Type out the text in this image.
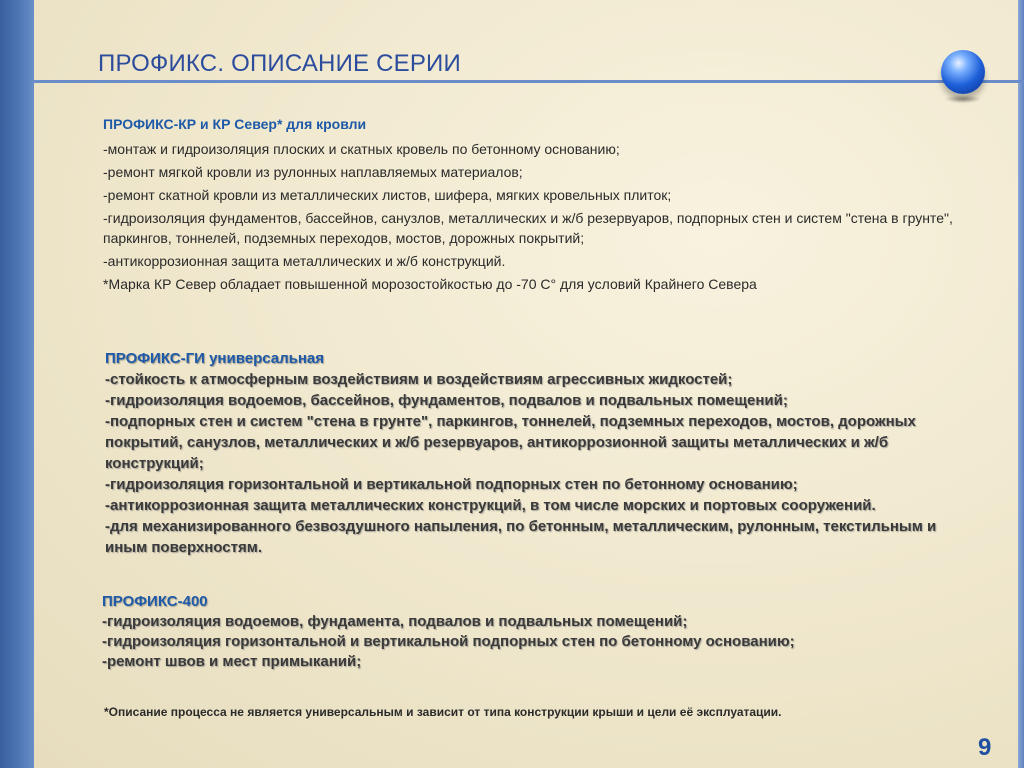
ПРОФИКС. ОПИСАНИЕ СЕРИИ
ПРОФИКС-КР и КР Север* для кровли
-монтаж и гидроизоляция плоских и скатных кровель по бетонному основанию;
-ремонт мягкой кровли из рулонных наплавляемых материалов;
-ремонт скатной кровли из металлических листов, шифера, мягких кровельных плиток;
-гидроизоляция фундаментов, бассейнов, санузлов, металлических и ж/б резервуаров, подпорных стен и систем "стена в грунте", паркингов, тоннелей, подземных переходов, мостов, дорожных покрытий;
-антикоррозионная защита металлических и ж/б конструкций.
*Марка КР Север обладает повышенной морозостойкостью до -70 С° для условий Крайнего Севера
ПРОФИКС-ГИ универсальная
-стойкость к атмосферным воздействиям и воздействиям агрессивных жидкостей;
-гидроизоляция водоемов, бассейнов, фундаментов, подвалов и подвальных помещений;
-подпорных стен и систем "стена в грунте", паркингов, тоннелей, подземных переходов, мостов, дорожных покрытий, санузлов, металлических и ж/б резервуаров, антикоррозионной защиты металлических и ж/б конструкций;
-гидроизоляция горизонтальной и вертикальной подпорных стен по бетонному основанию;
-антикоррозионная защита металлических конструкций, в том числе морских и портовых сооружений.
-для механизированного безвоздушного напыления, по бетонным, металлическим, рулонным, текстильным и иным поверхностям.
ПРОФИКС-400
-гидроизоляция водоемов, фундамента, подвалов и подвальных помещений;
-гидроизоляция горизонтальной и вертикальной подпорных стен по бетонному основанию;
-ремонт швов и мест примыканий;
*Описание процесса не является универсальным и зависит от типа конструкции крыши и цели её эксплуатации.
9
